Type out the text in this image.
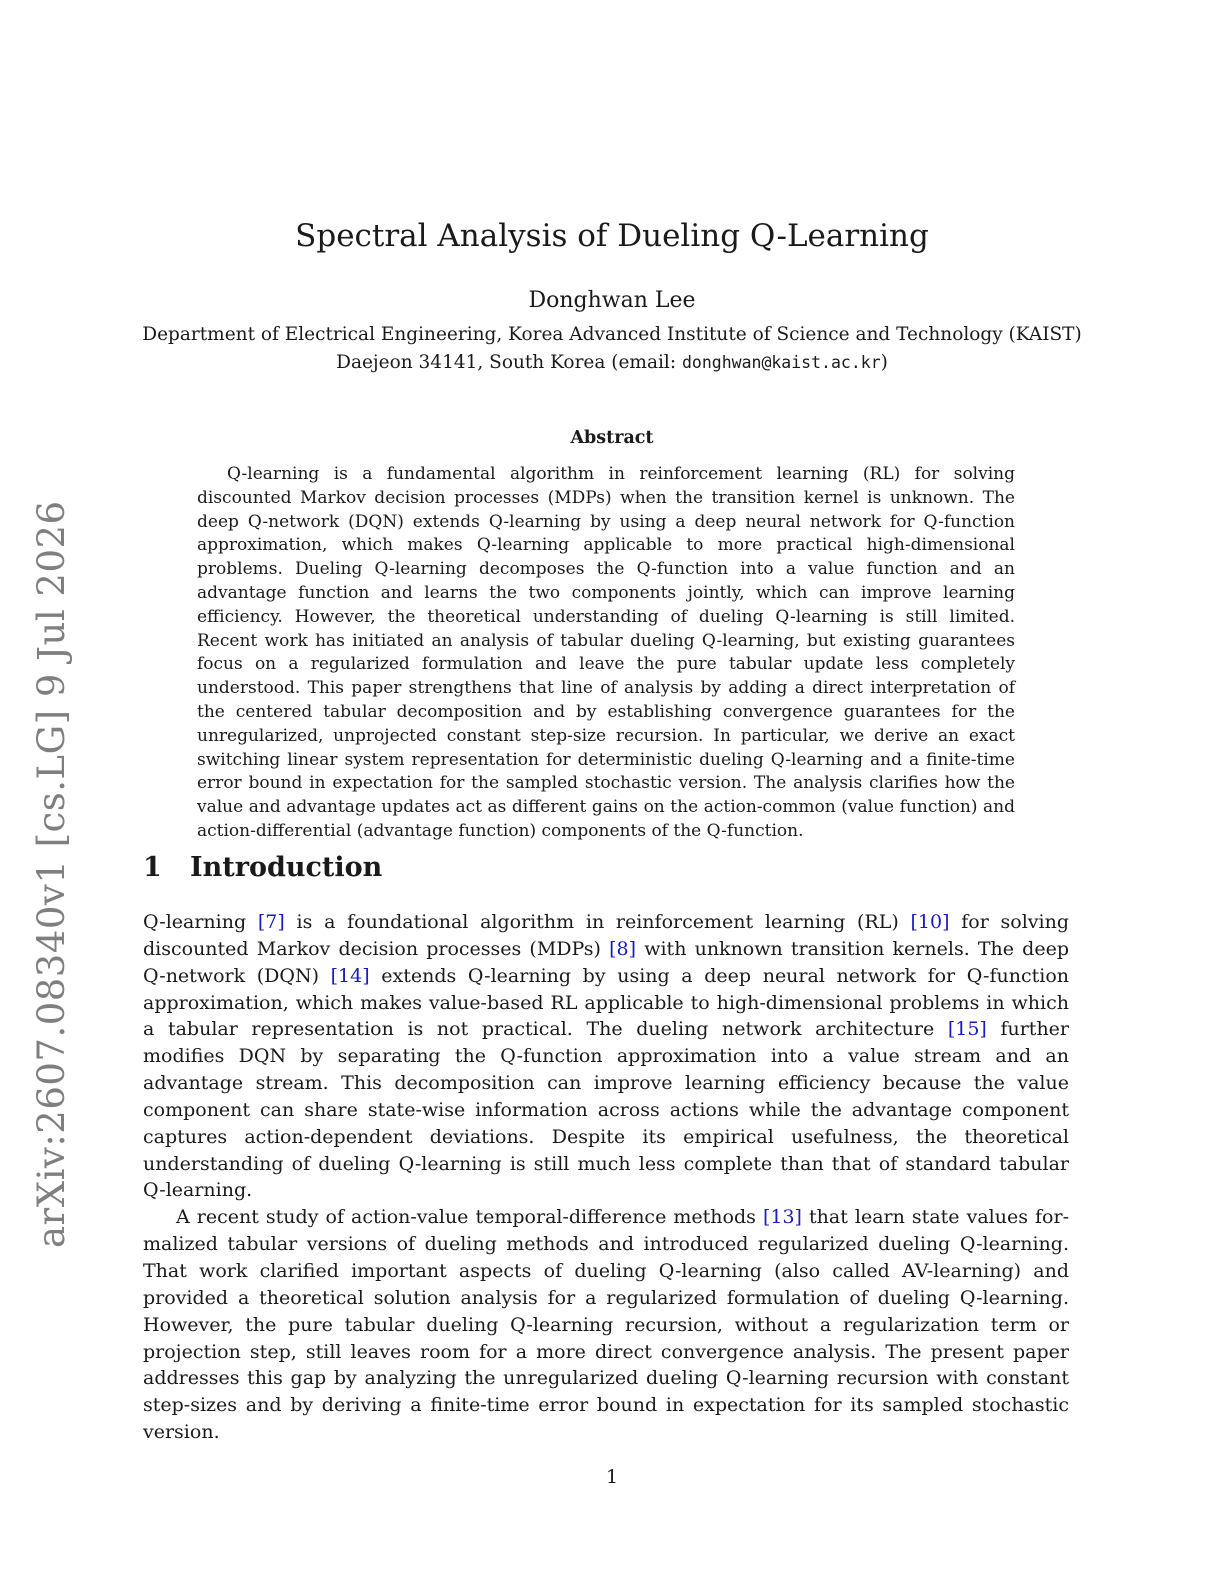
arXiv:2607.08340v1 [cs.LG] 9 Jul 2026
Spectral Analysis of Dueling Q-Learning
Donghwan Lee
Department of Electrical Engineering, Korea Advanced Institute of Science and Technology (KAIST)
Daejeon 34141, South Korea (email: donghwan@kaist.ac.kr)
Abstract

Q-learning is a fundamental algorithm in reinforcement learning (RL) for solving discounted Markov decision processes (MDPs) when the transition kernel is unknown. The deep Q-network (DQN) extends Q-learning by using a deep neural network for Q-function approximation, which makes Q-learning applicable to more practical high-dimensional problems. Dueling Q-learning decomposes the Q-function into a value function and an advantage function and learns the two components jointly, which can improve learning efficiency. However, the theoretical understanding of dueling Q-learning is still limited. Recent work has initiated an analysis of tabular dueling Q-learning, but existing guarantees focus on a regularized formulation and leave the pure tabular update less completely understood. This paper strengthens that line of analysis by adding a direct interpretation of the centered tabular decomposition and by establishing convergence guarantees for the unregularized, unprojected constant step-size recursion. In particular, we derive an exact switching linear system representation for deterministic dueling Q-learning and a finite-time error bound in expectation for the sampled stochastic version. The analysis clarifies how the value and advantage updates act as different gains on the action-common (value function) and action-differential (advantage function) components of the Q-function.

1 Introduction

Q-learning [7] is a foundational algorithm in reinforcement learning (RL) [10] for solving discounted Markov decision processes (MDPs) [8] with unknown transition kernels. The deep Q-network (DQN) [14] extends Q-learning by using a deep neural network for Q-function approximation, which makes value-based RL applicable to high-dimensional problems in which a tabular representation is not practical. The dueling network architecture [15] further modifies DQN by separating the Q-function approximation into a value stream and an advantage stream. This decomposition can improve learning efficiency because the value component can share state-wise information across actions while the advantage component captures action-dependent deviations. Despite its empirical usefulness, the theoretical understanding of dueling Q-learning is still much less complete than that of standard tabular Q-learning.

A recent study of action-value temporal-difference methods [13] that learn state values formalized tabular versions of dueling methods and introduced regularized dueling Q-learning. That work clarified important aspects of dueling Q-learning (also called AV-learning) and provided a theoretical solution analysis for a regularized formulation of dueling Q-learning. However, the pure tabular dueling Q-learning recursion, without a regularization term or projection step, still leaves room for a more direct convergence analysis. The present paper addresses this gap by analyzing the unregularized dueling Q-learning recursion with constant step-sizes and by deriving a finite-time error bound in expectation for its sampled stochastic version.

1
